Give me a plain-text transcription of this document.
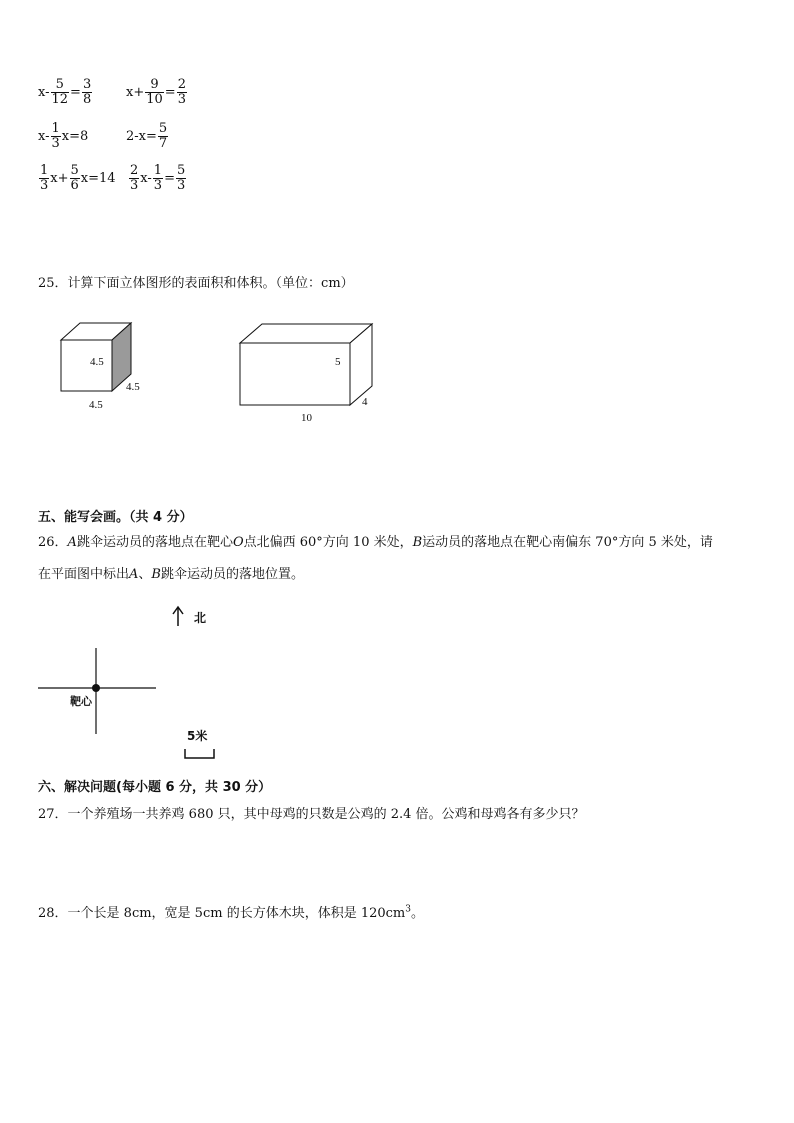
$x- \frac{5}{12} = \frac{3}{8}$	$x+ \frac{9}{10} = \frac{2}{3}$
$x- \frac{1}{3} x=8$	$2-x= \frac{5}{7}$
$\frac{1}{3} x+ \frac{5}{6} x=14 \frac{2}{3} x- \frac{1}{3} = \frac{5}{3}$
25．计算下面立体图形的表面积和体积。（单位：cm）
4.5
4.5
4.5
5
4
10
五、能写会画。（共 4 分）
26．A跳伞运动员的落地点在靶心O点北偏西 60°方向 10 米处，B运动员的落地点在靶心南偏东 70°方向 5 米处，请
在平面图中标出A、B跳伞运动员的落地位置。
北
靶心
5米
六、解决问题(每小题 6 分，共 30 分）
27．一个养殖场一共养鸡 680 只，其中母鸡的只数是公鸡的 2.4 倍。公鸡和母鸡各有多少只？
28．一个长是 8cm，宽是 5cm 的长方体木块，体积是 $120cm^3$。
